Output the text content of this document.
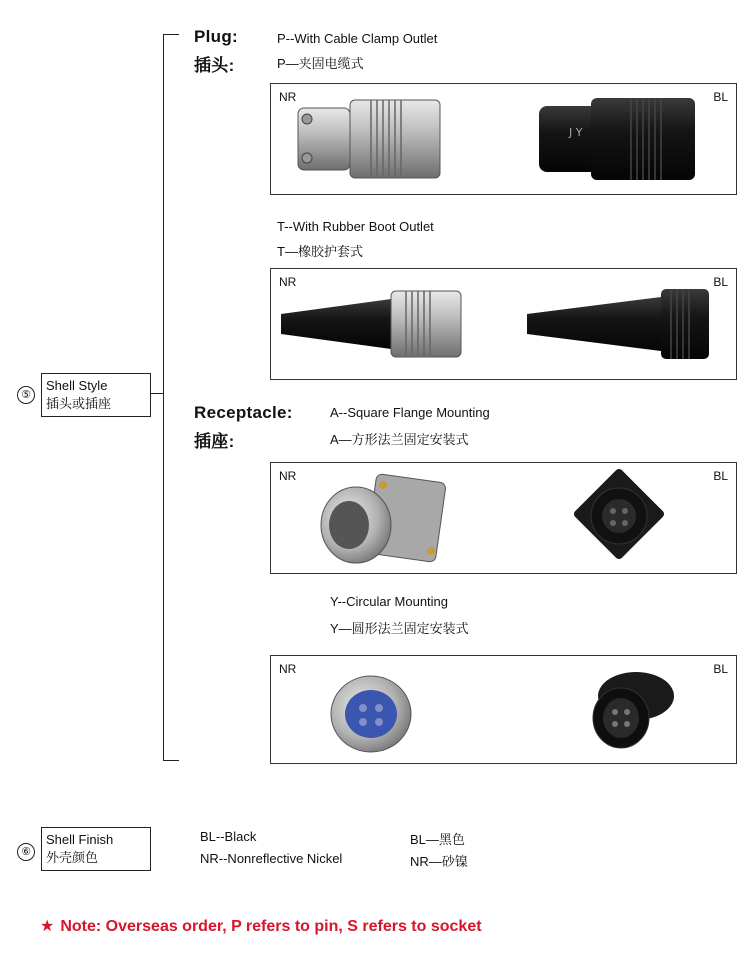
⑤
Shell Style
插头或插座
Plug:
插头:
P--With Cable Clamp Outlet
P—夹固电缆式
NR	BL
J Y
T--With Rubber Boot Outlet
T—橡胶护套式
NR	BL
Receptacle:
插座:
A--Square Flange Mounting
A—方形法兰固定安装式
NR	BL
Y--Circular Mounting
Y—圆形法兰固定安装式
NR	BL
⑥
Shell Finish
外壳颜色
BL--Black
NR--Nonreflective Nickel
BL—黑色
NR—砂镍
★ Note: Overseas order, P refers to pin, S refers to socket
